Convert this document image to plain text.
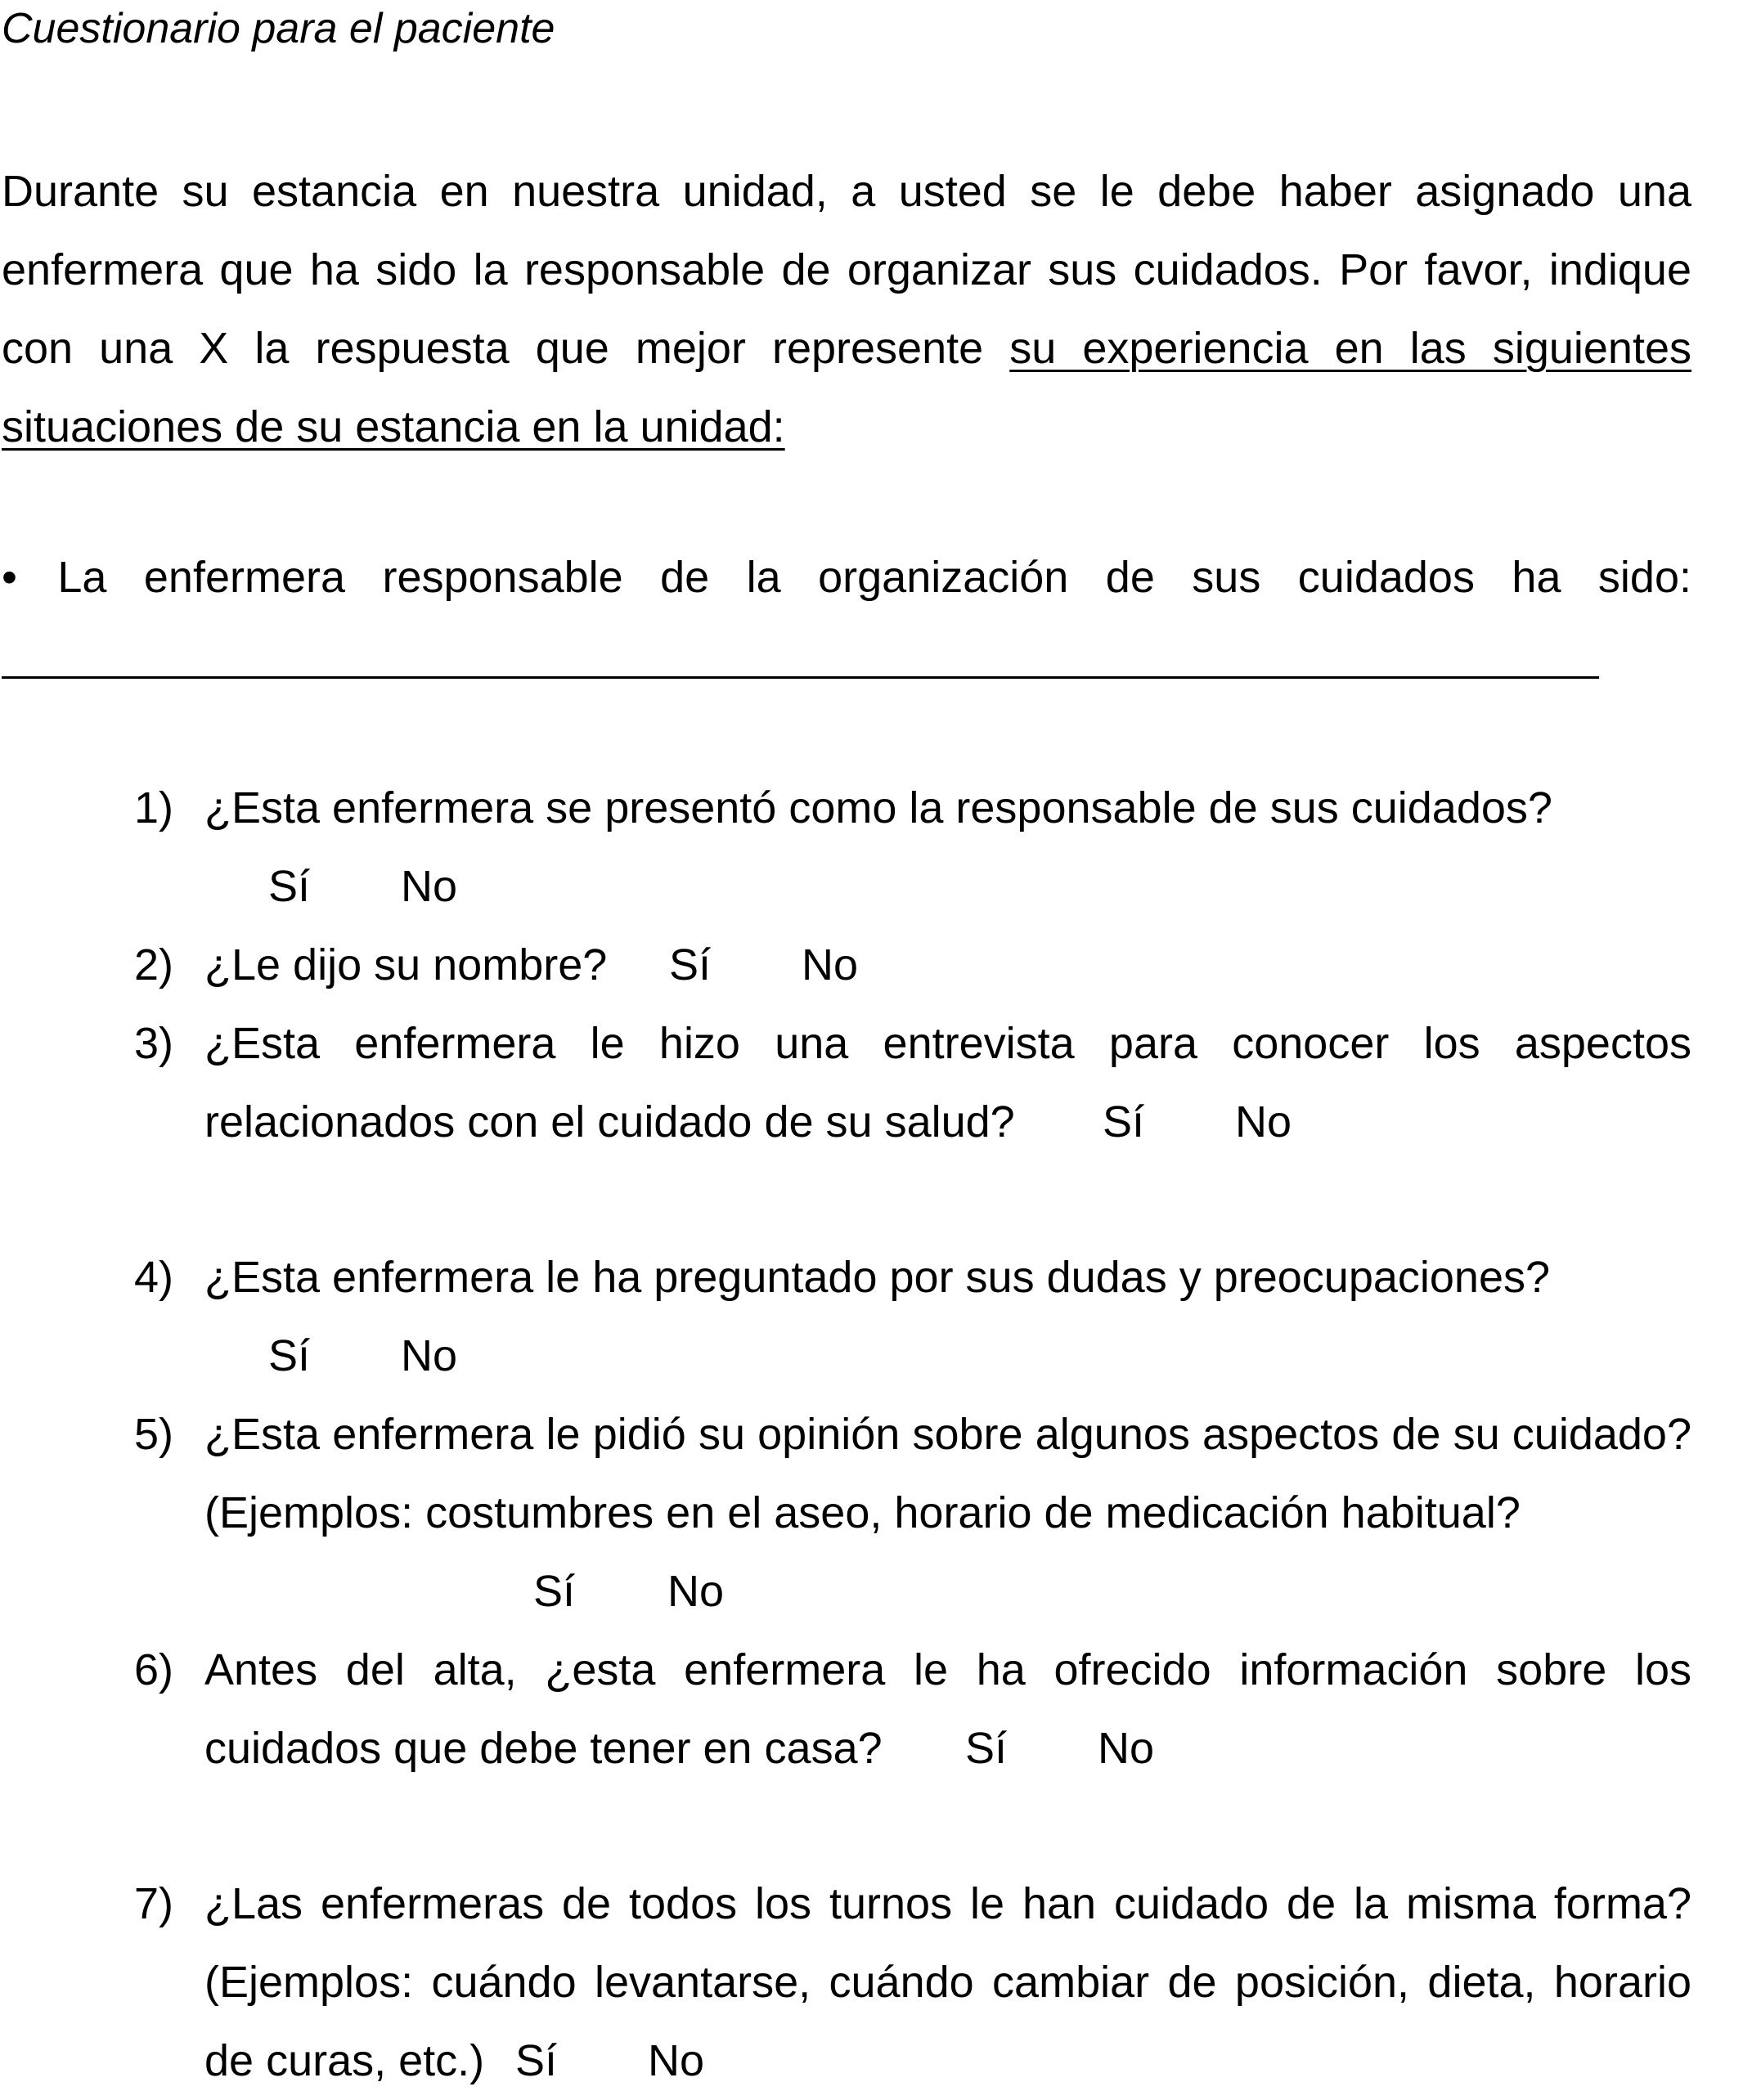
Cuestionario para el paciente

Durante su estancia en nuestra unidad, a usted se le debe haber asignado una enfermera que ha sido la responsable de organizar sus cuidados. Por favor, indique con una X la respuesta que mejor represente su experiencia en las siguientes situaciones de su estancia en la unidad:

• La enfermera responsable de la organización de sus cuidados ha sido:
1) ¿Esta enfermera se presentó como la responsable de sus cuidados?
Sí No
2) ¿Le dijo su nombre? Sí No
3) ¿Esta enfermera le hizo una entrevista para conocer los aspectos relacionados con el cuidado de su salud?	Sí No
4) ¿Esta enfermera le ha preguntado por sus dudas y preocupaciones?
Sí No
5) ¿Esta enfermera le pidió su opinión sobre algunos aspectos de su cuidado? (Ejemplos: costumbres en el aseo, horario de medicación habitual?

Sí No
6) Antes del alta, ¿esta enfermera le ha ofrecido información sobre los cuidados que debe tener en casa?	Sí No
7) ¿Las enfermeras de todos los turnos le han cuidado de la misma forma? (Ejemplos: cuándo levantarse, cuándo cambiar de posición, dieta, horario de curas, etc.) Sí No
